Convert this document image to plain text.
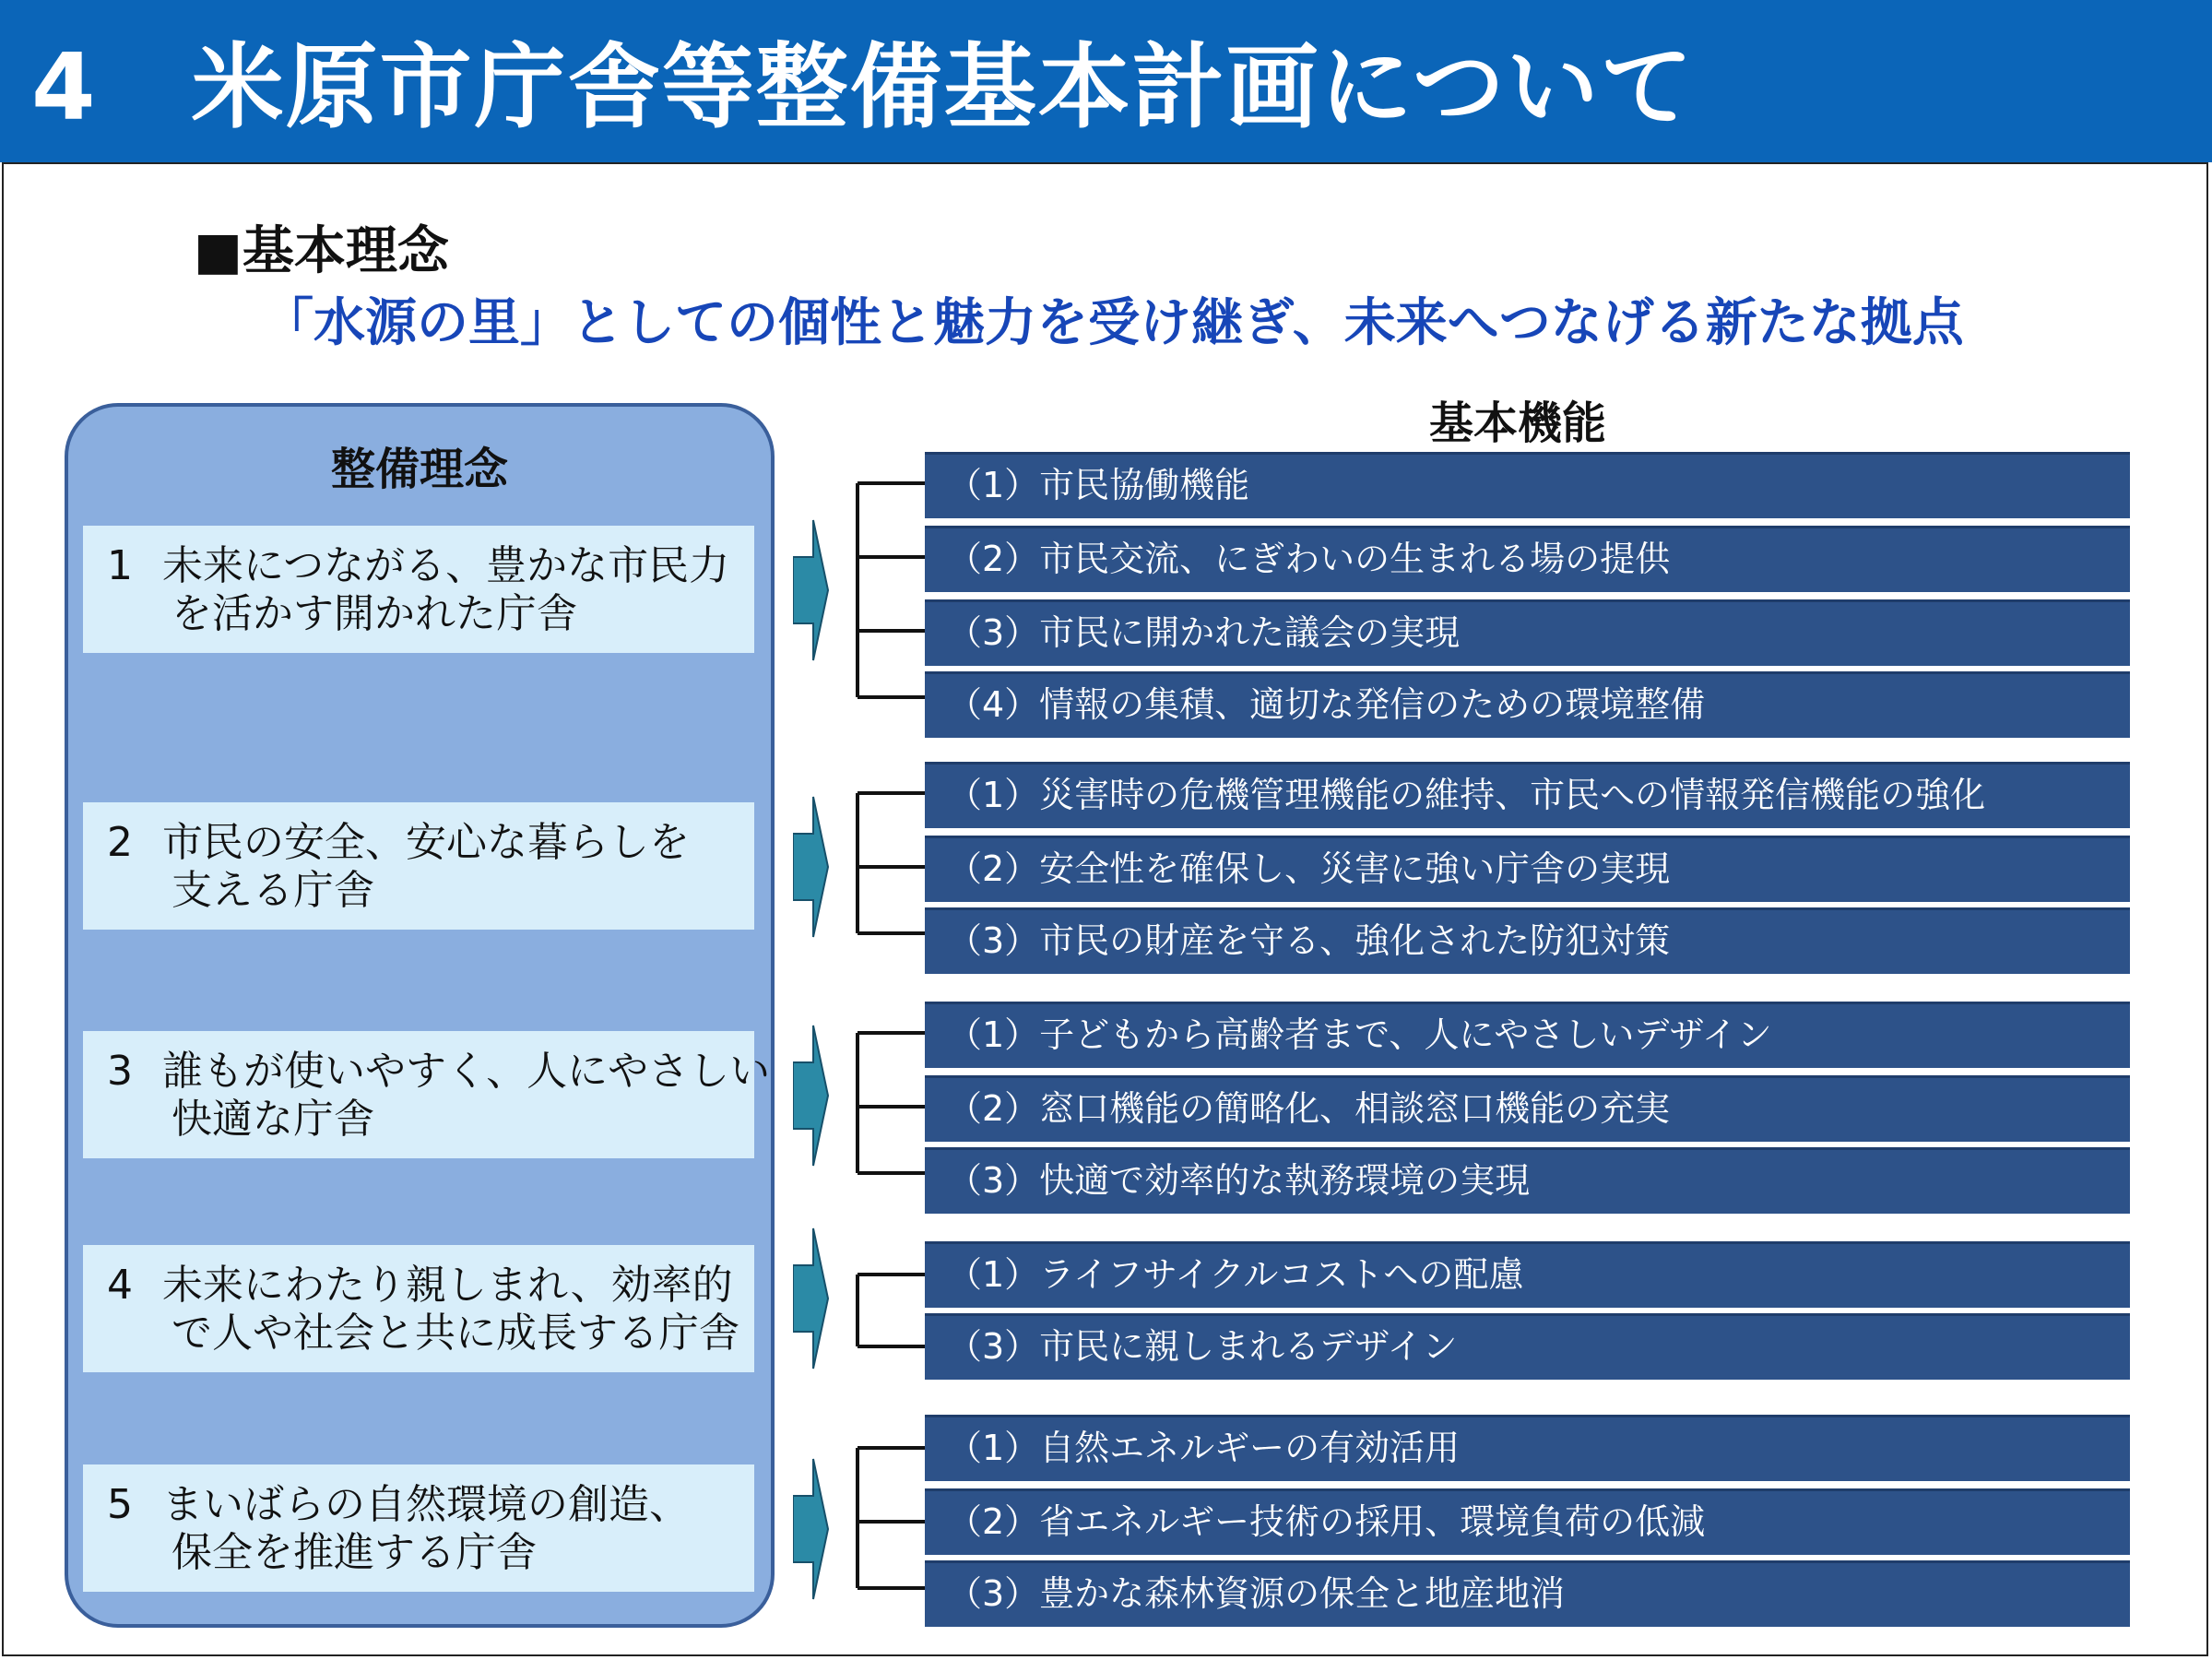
4　米原市庁舎等整備基本計画について
■基本理念
「水源の里」としての個性と魅力を受け継ぎ、未来へつなげる新たな拠点
整備理念
1 未来につながる、豊かな市民力
を活かす開かれた庁舎
2 市民の安全、安心な暮らしを
支える庁舎
3 誰もが使いやすく、人にやさしい
快適な庁舎
4 未来にわたり親しまれ、効率的
で人や社会と共に成長する庁舎
5 まいばらの自然環境の創造、
保全を推進する庁舎
基本機能
（1）市民協働機能
（2）市民交流、にぎわいの生まれる場の提供
（3）市民に開かれた議会の実現
（4）情報の集積、適切な発信のための環境整備
（1）災害時の危機管理機能の維持、市民への情報発信機能の強化
（2）安全性を確保し、災害に強い庁舎の実現
（3）市民の財産を守る、強化された防犯対策
（1）子どもから高齢者まで、人にやさしいデザイン
（2）窓口機能の簡略化、相談窓口機能の充実
（3）快適で効率的な執務環境の実現
（1）ライフサイクルコストへの配慮
（3）市民に親しまれるデザイン
（1）自然エネルギーの有効活用
（2）省エネルギー技術の採用、環境負荷の低減
（3）豊かな森林資源の保全と地産地消
